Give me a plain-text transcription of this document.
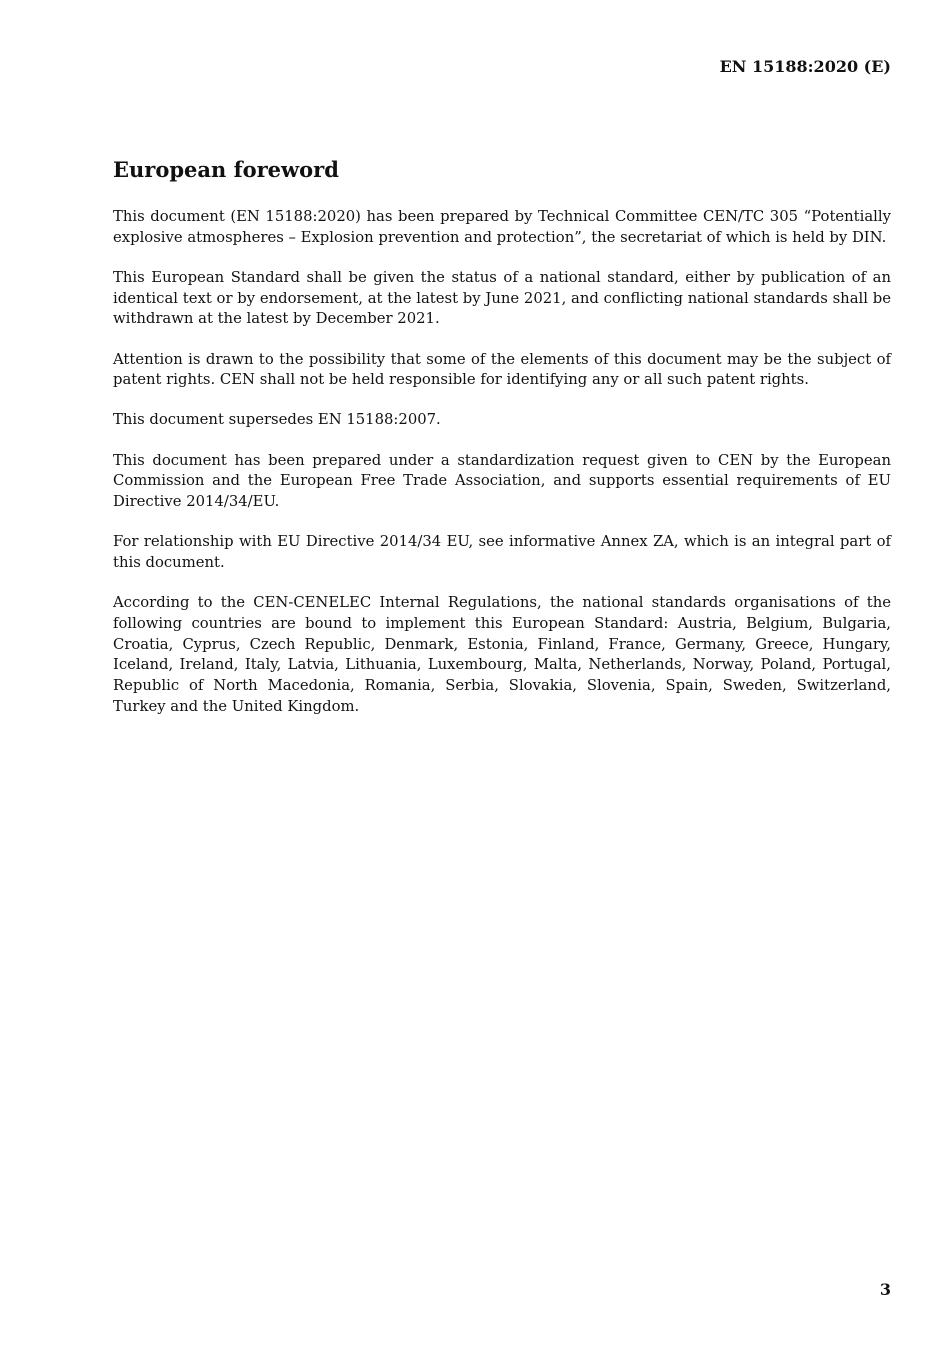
EN 15188:2020 (E)
European foreword

This document (EN 15188:2020) has been prepared by Technical Committee CEN/TC 305 “Potentially explosive atmospheres – Explosion prevention and protection”, the secretariat of which is held by DIN.

This European Standard shall be given the status of a national standard, either by publication of an identical text or by endorsement, at the latest by June 2021, and conflicting national standards shall be withdrawn at the latest by December 2021.

Attention is drawn to the possibility that some of the elements of this document may be the subject of patent rights. CEN shall not be held responsible for identifying any or all such patent rights.

This document supersedes EN 15188:2007.

This document has been prepared under a standardization request given to CEN by the European Commission and the European Free Trade Association, and supports essential requirements of EU Directive 2014/34/EU.

For relationship with EU Directive 2014/34 EU, see informative Annex ZA, which is an integral part of this document.

According to the CEN-CENELEC Internal Regulations, the national standards organisations of the following countries are bound to implement this European Standard: Austria, Belgium, Bulgaria, Croatia, Cyprus, Czech Republic, Denmark, Estonia, Finland, France, Germany, Greece, Hungary, Iceland, Ireland, Italy, Latvia, Lithuania, Luxembourg, Malta, Netherlands, Norway, Poland, Portugal, Republic of North Macedonia, Romania, Serbia, Slovakia, Slovenia, Spain, Sweden, Switzerland, Turkey and the United Kingdom.

3
